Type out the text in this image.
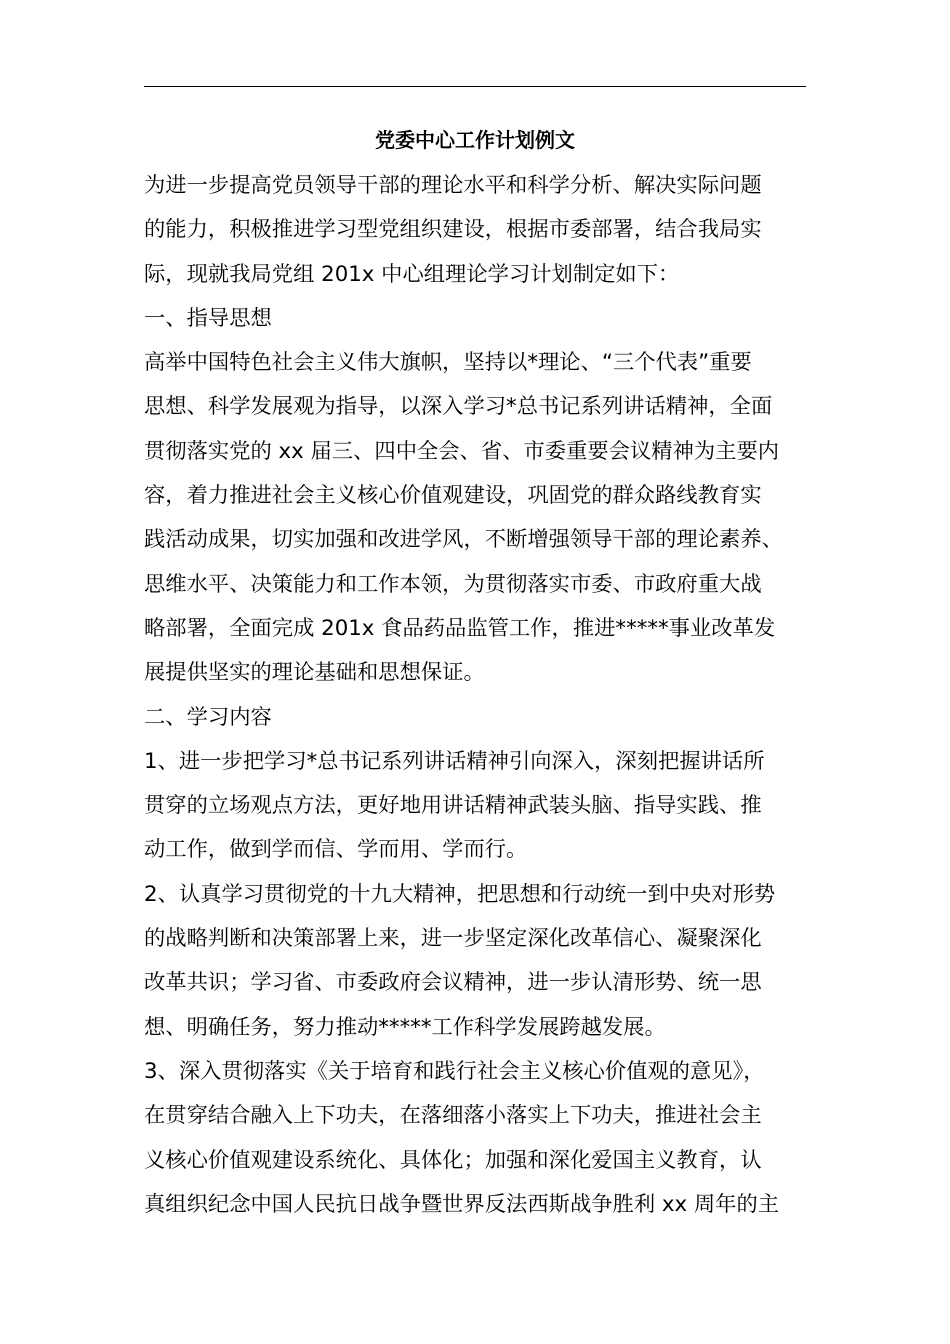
党委中心工作计划例文
为进一步提高党员领导干部的理论水平和科学分析、解决实际问题
的能力，积极推进学习型党组织建设，根据市委部署，结合我局实
际，现就我局党组 201x 中心组理论学习计划制定如下：
一、指导思想
高举中国特色社会主义伟大旗帜，坚持以*理论、“三个代表”重要
思想、科学发展观为指导，以深入学习*总书记系列讲话精神，全面
贯彻落实党的 xx 届三、四中全会、省、市委重要会议精神为主要内
容，着力推进社会主义核心价值观建设，巩固党的群众路线教育实
践活动成果，切实加强和改进学风，不断增强领导干部的理论素养、
思维水平、决策能力和工作本领，为贯彻落实市委、市政府重大战
略部署，全面完成 201x 食品药品监管工作，推进*****事业改革发
展提供坚实的理论基础和思想保证。
二、学习内容
1、进一步把学习*总书记系列讲话精神引向深入，深刻把握讲话所
贯穿的立场观点方法，更好地用讲话精神武装头脑、指导实践、推
动工作，做到学而信、学而用、学而行。
2、认真学习贯彻党的十九大精神，把思想和行动统一到中央对形势
的战略判断和决策部署上来，进一步坚定深化改革信心、凝聚深化
改革共识；学习省、市委政府会议精神，进一步认清形势、统一思
想、明确任务，努力推动*****工作科学发展跨越发展。
3、深入贯彻落实《关于培育和践行社会主义核心价值观的意见》，
在贯穿结合融入上下功夫，在落细落小落实上下功夫，推进社会主
义核心价值观建设系统化、具体化；加强和深化爱国主义教育，认
真组织纪念中国人民抗日战争暨世界反法西斯战争胜利 xx 周年的主
